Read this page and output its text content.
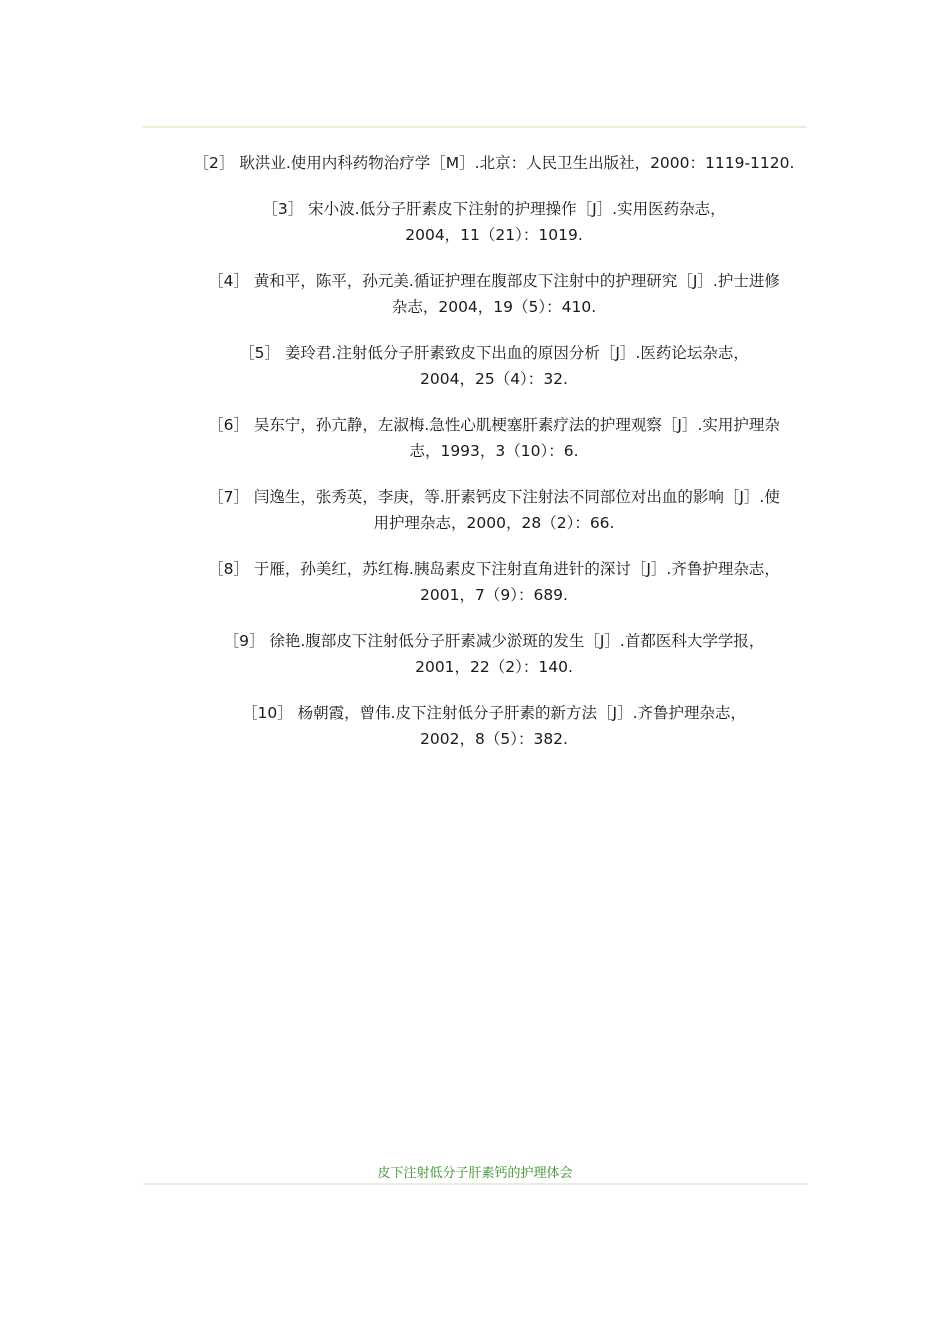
［2］ 耿洪业.使用内科药物治疗学［M］.北京：人民卫生出版社，2000：1119-1120.

［3］ 宋小波.低分子肝素皮下注射的护理操作［J］.实用医药杂志，
2004，11（21）：1019.

［4］ 黄和平，陈平，孙元美.循证护理在腹部皮下注射中的护理研究［J］.护士进修
杂志，2004，19（5）：410.

［5］ 姜玲君.注射低分子肝素致皮下出血的原因分析［J］.医药论坛杂志，
2004，25（4）：32.

［6］ 吴东宁，孙亢静，左淑梅.急性心肌梗塞肝素疗法的护理观察［J］.实用护理杂
志，1993，3（10）：6.

［7］ 闫逸生，张秀英，李庚，等.肝素钙皮下注射法不同部位对出血的影响［J］.使
用护理杂志，2000，28（2）：66.

［8］ 于雁，孙美红，苏红梅.胰岛素皮下注射直角进针的深讨［J］.齐鲁护理杂志，
2001，7（9）：689.

［9］ 徐艳.腹部皮下注射低分子肝素减少淤斑的发生［J］.首都医科大学学报，
2001，22（2）：140.

［10］ 杨朝霞，曾伟.皮下注射低分子肝素的新方法［J］.齐鲁护理杂志，
2002，8（5）：382.

皮下注射低分子肝素钙的护理体会
